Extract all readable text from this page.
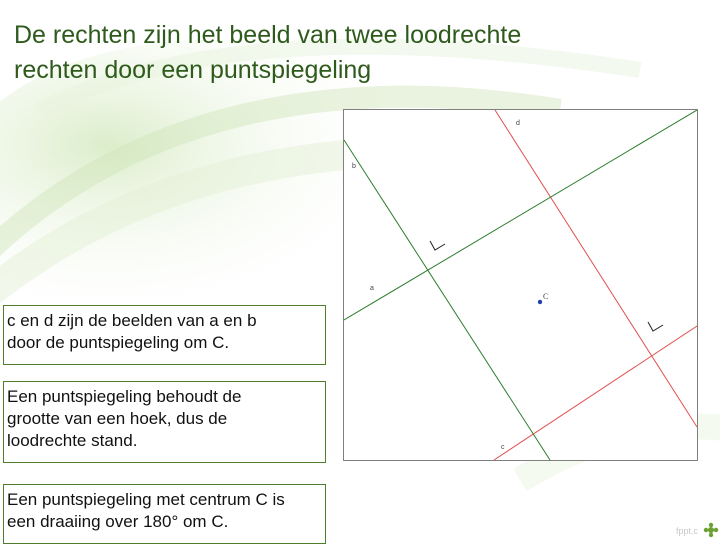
De rechten zijn het beeld van twee loodrechte
rechten door een puntspiegeling
c en d zijn de beelden van a en b
door de puntspiegeling om C.
Een puntspiegeling behoudt de
grootte van een hoek, dus de
loodrechte stand.
Een puntspiegeling met centrum C is
een draaiing over 180° om C.
d
b
a
c
C
fppt.c
